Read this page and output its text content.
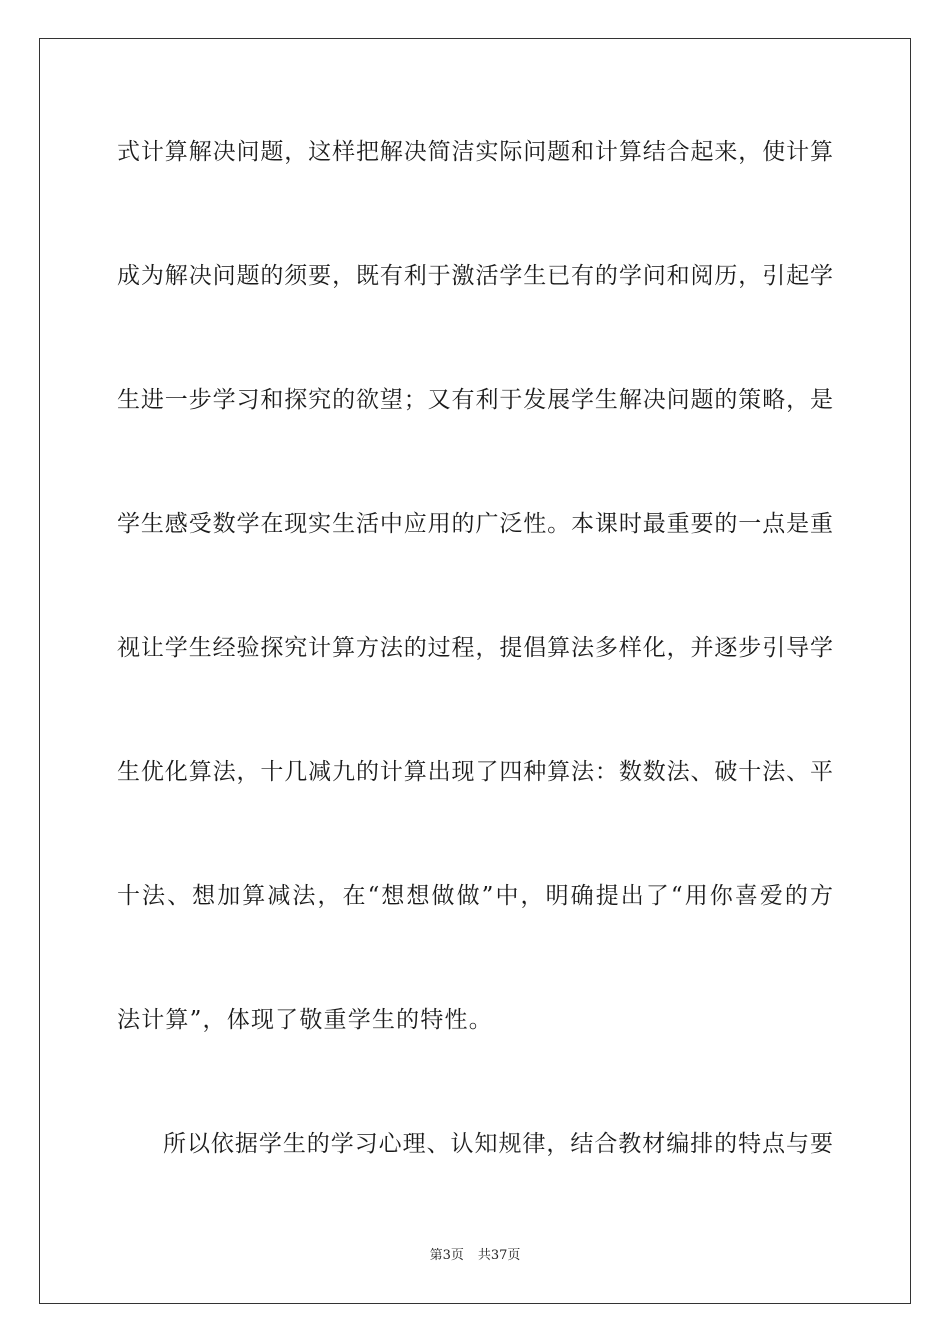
式计算解决问题，这样把解决简洁实际问题和计算结合起来，使计算
成为解决问题的须要，既有利于激活学生已有的学问和阅历，引起学
生进一步学习和探究的欲望；又有利于发展学生解决问题的策略，是
学生感受数学在现实生活中应用的广泛性。本课时最重要的一点是重
视让学生经验探究计算方法的过程，提倡算法多样化，并逐步引导学
生优化算法，十几减九的计算出现了四种算法：数数法、破十法、平
十法、想加算减法，在“想想做做”中，明确提出了“用你喜爱的方
法计算”，体现了敬重学生的特性。
所以依据学生的学习心理、认知规律，结合教材编排的特点与要
第3页 共37页
